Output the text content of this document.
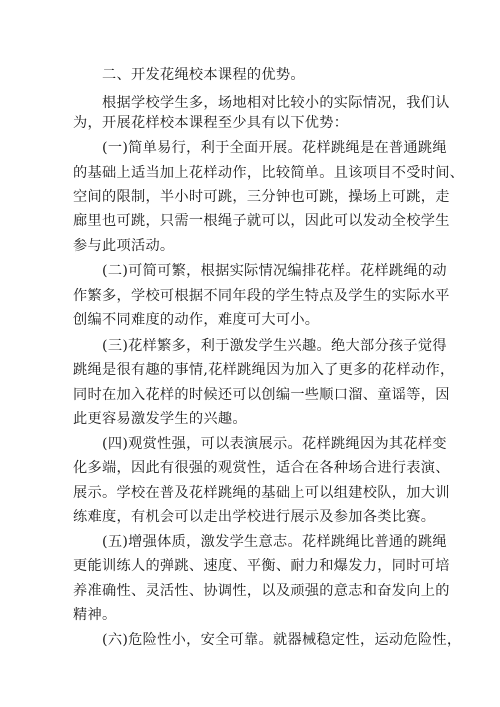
二、开发花绳校本课程的优势。
根据学校学生多，场地相对比较小的实际情况，我们认
为，开展花样校本课程至少具有以下优势：
(一)简单易行，利于全面开展。花样跳绳是在普通跳绳
的基础上适当加上花样动作，比较简单。且该项目不受时间、
空间的限制，半小时可跳，三分钟也可跳，操场上可跳，走
廊里也可跳，只需一根绳子就可以，因此可以发动全校学生
参与此项活动。
(二)可简可繁，根据实际情况编排花样。花样跳绳的动
作繁多，学校可根据不同年段的学生特点及学生的实际水平
创编不同难度的动作，难度可大可小。
(三)花样繁多，利于激发学生兴趣。绝大部分孩子觉得
跳绳是很有趣的事情,花样跳绳因为加入了更多的花样动作，
同时在加入花样的时候还可以创编一些顺口溜、童谣等，因
此更容易激发学生的兴趣。
(四)观赏性强，可以表演展示。花样跳绳因为其花样变
化多端，因此有很强的观赏性，适合在各种场合进行表演、
展示。学校在普及花样跳绳的基础上可以组建校队，加大训
练难度，有机会可以走出学校进行展示及参加各类比赛。
(五)增强体质，激发学生意志。花样跳绳比普通的跳绳
更能训练人的弹跳、速度、平衡、耐力和爆发力，同时可培
养准确性、灵活性、协调性，以及顽强的意志和奋发向上的
精神。
(六)危险性小，安全可靠。就器械稳定性，运动危险性，
